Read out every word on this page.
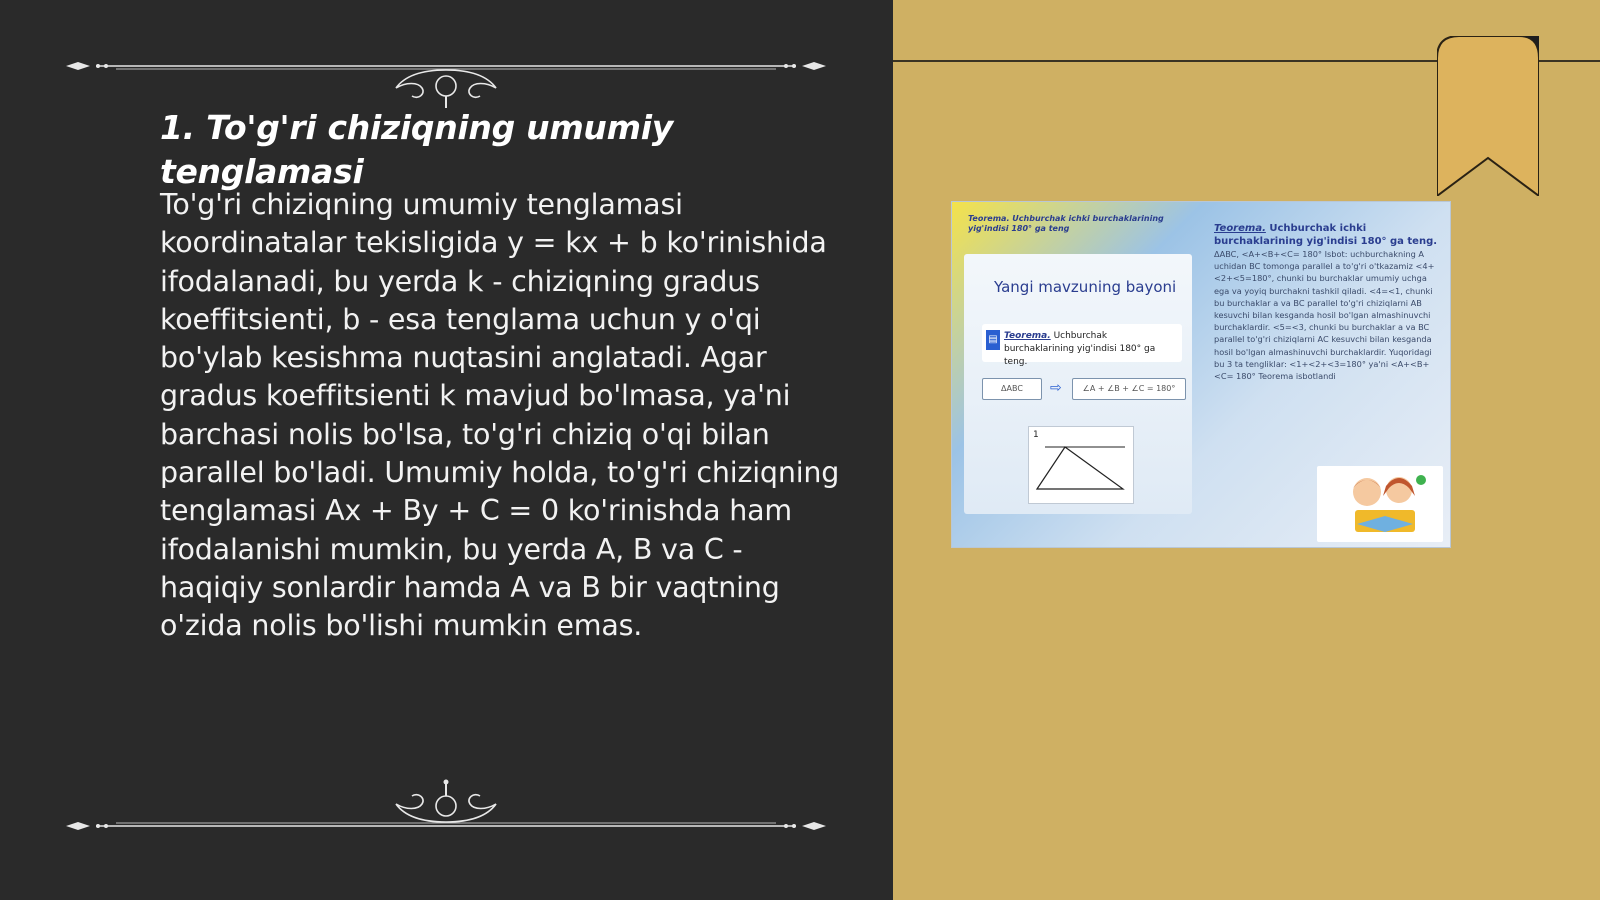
1. To'g'ri chiziqning umumiy tenglamasi

To'g'ri chiziqning umumiy tenglamasi koordinatalar tekisligida y = kx + b ko'rinishida ifodalanadi, bu yerda k - chiziqning gradus koeffitsienti, b - esa tenglama uchun y o'qi bo'ylab kesishma nuqtasini anglatadi. Agar gradus koeffitsienti k mavjud bo'lmasa, ya'ni barchasi nolis bo'lsa, to'g'ri chiziq o'qi bilan parallel bo'ladi. Umumiy holda, to'g'ri chiziqning tenglamasi Ax + By + C = 0 ko'rinishda ham ifodalanishi mumkin, bu yerda A, B va C - haqiqiy sonlardir hamda A va B bir vaqtning o'zida nolis bo'lishi mumkin emas.

Teorema. Uchburchak ichki burchaklarining yig'indisi 180° ga teng
Yangi mavzuning bayoni
▤ Teorema. Uchburchak burchaklarining yig'indisi 180° ga teng.
ΔABC	⇨	∠A + ∠B + ∠C = 180°
1
Teorema. Uchburchak ichki burchaklarining yig'indisi 180° ga teng.
ΔABC, <A+<B+<C= 180° Isbot: uchburchakning A uchidan BC tomonga parallel a to'g'ri o'tkazamiz <4+<2+<5=180°, chunki bu burchaklar umumiy uchga ega va yoyiq burchakni tashkil qiladi. <4=<1, chunki bu burchaklar a va BC parallel to'g'ri chiziqlarni AB kesuvchi bilan kesganda hosil bo'lgan almashinuvchi burchaklardir. <5=<3, chunki bu burchaklar a va BC parallel to'g'ri chiziqlarni AC kesuvchi bilan kesganda hosil bo'lgan almashinuvchi burchaklardir. Yuqoridagi bu 3 ta tengliklar: <1+<2+<3=180° ya'ni <A+<B+<C= 180° Teorema isbotlandi
